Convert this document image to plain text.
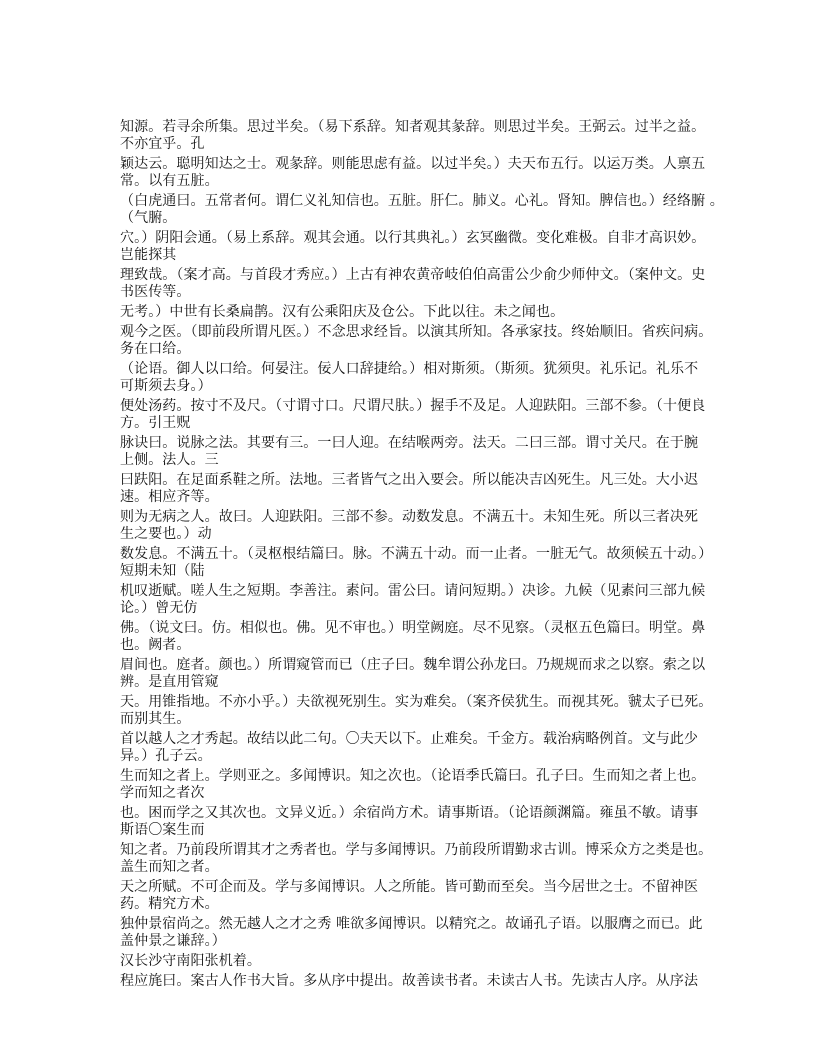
知源。若寻余所集。思过半矣。（易下系辞。知者观其彖辞。则思过半矣。王弼云。过半之益。
不亦宜乎。孔
颖达云。聪明知达之士。观彖辞。则能思虑有益。以过半矣。）夫天布五行。以运万类。人禀五
常。以有五脏。
（白虎通曰。五常者何。谓仁义礼知信也。五脏。肝仁。肺义。心礼。肾知。脾信也。）经络腑 。
（气腑。
穴。）阴阳会通。（易上系辞。观其会通。以行其典礼。）玄冥幽微。变化难极。自非才高识妙。
岂能探其
理致哉。（案才高。与首段才秀应。）上古有神农黄帝岐伯伯高雷公少俞少师仲文。（案仲文。史
书医传等。
无考。）中世有长桑扁鹊。汉有公乘阳庆及仓公。下此以往。未之闻也。
观今之医。（即前段所谓凡医。）不念思求经旨。以演其所知。各承家技。终始顺旧。省疾问病。
务在口给。
（论语。御人以口给。何晏注。佞人口辞捷给。）相对斯须。（斯须。犹须臾。礼乐记。礼乐不
可斯须去身。）
便处汤药。按寸不及尺。（寸谓寸口。尺谓尺肤。）握手不及足。人迎趺阳。三部不参。（十便良
方。引王贶
脉诀曰。说脉之法。其要有三。一曰人迎。在结喉两旁。法天。二曰三部。谓寸关尺。在于腕
上侧。法人。三
曰趺阳。在足面系鞋之所。法地。三者皆气之出入要会。所以能决吉凶死生。凡三处。大小迟
速。相应齐等。
则为无病之人。故曰。人迎趺阳。三部不参。动数发息。不满五十。未知生死。所以三者决死
生之要也。）动
数发息。不满五十。（灵枢根结篇曰。脉。不满五十动。而一止者。一脏无气。故须候五十动。）
短期未知（陆
机叹逝赋。嗟人生之短期。李善注。素问。雷公曰。请问短期。）决诊。九候（见素问三部九候
论。）曾无仿
佛。（说文曰。仿。相似也。佛。见不审也。）明堂阙庭。尽不见察。（灵枢五色篇曰。明堂。鼻
也。阙者。
眉间也。庭者。颜也。）所谓窥管而已（庄子曰。魏牟谓公孙龙曰。乃规规而求之以察。索之以
辨。是直用管窥
天。用锥指地。不亦小乎。）夫欲视死别生。实为难矣。（案齐侯犹生。而视其死。虢太子已死。
而别其生。
首以越人之才秀起。故结以此二句。〇夫天以下。止难矣。千金方。载治病略例首。文与此少
异。）孔子云。
生而知之者上。学则亚之。多闻博识。知之次也。（论语季氏篇曰。孔子曰。生而知之者上也。
学而知之者次
也。困而学之又其次也。文异义近。）余宿尚方术。请事斯语。（论语颜渊篇。雍虽不敏。请事
斯语〇案生而
知之者。乃前段所谓其才之秀者也。学与多闻博识。乃前段所谓勤求古训。博采众方之类是也。
盖生而知之者。
天之所赋。不可企而及。学与多闻博识。人之所能。皆可勤而至矣。当今居世之士。不留神医
药。精究方术。
独仲景宿尚之。然无越人之才之秀 唯欲多闻博识。以精究之。故诵孔子语。以服膺之而已。此
盖仲景之谦辞。）
汉长沙守南阳张机着。
程应旄曰。案古人作书大旨。多从序中提出。故善读书者。未读古人书。先读古人序。从序法
